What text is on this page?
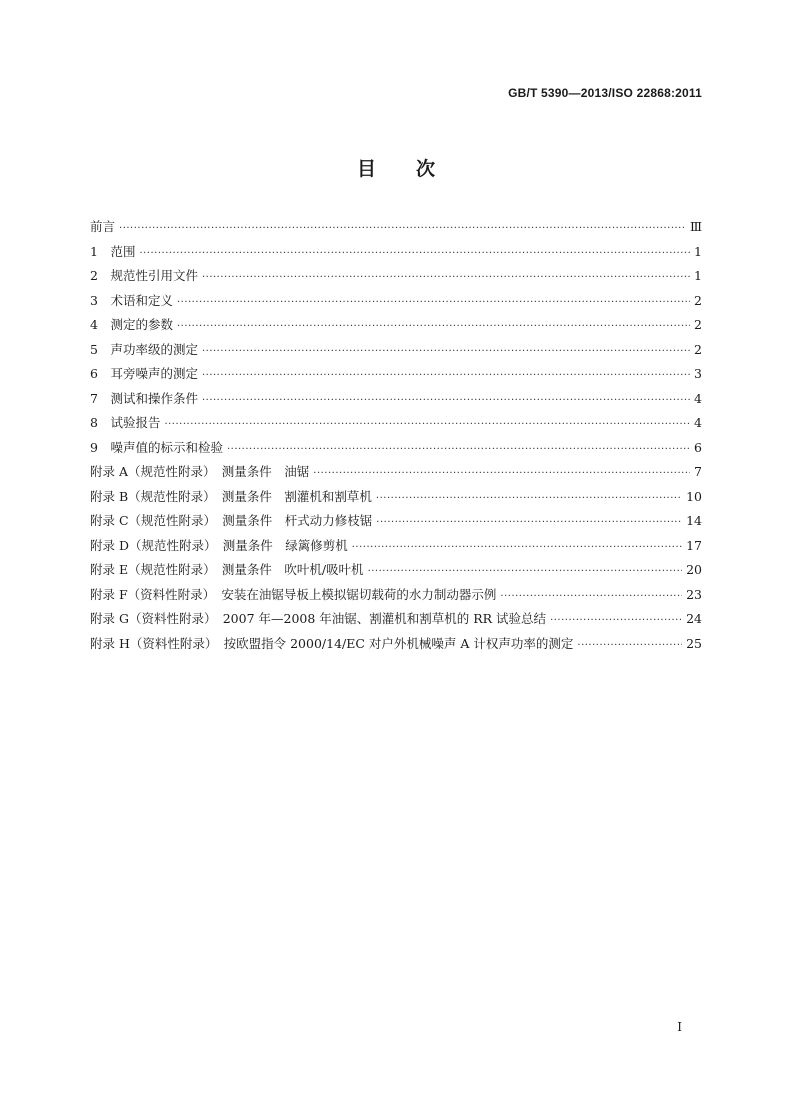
GB/T 5390—2013/ISO 22868:2011
目 次
前言 ·····	Ⅲ
1　范围 ·····	1
2　规范性引用文件 ·····	1
3　术语和定义 ·····	2
4　测定的参数 ·····	2
5　声功率级的测定 ·····	2
6　耳旁噪声的测定 ·····	3
7　测试和操作条件 ·····	4
8　试验报告 ·····	4
9　噪声值的标示和检验 ·····	6
附录 A（规范性附录）　测量条件　油锯 ·····	7
附录 B（规范性附录）　测量条件　割灌机和割草机 ·····	10
附录 C（规范性附录）　测量条件　杆式动力修枝锯 ·····	14
附录 D（规范性附录）　测量条件　绿篱修剪机 ·····	17
附录 E（规范性附录）　测量条件　吹叶机/吸叶机 ·····	20
附录 F（资料性附录）　安装在油锯导板上模拟锯切载荷的水力制动器示例 ·····	23
附录 G（资料性附录）　2007 年—2008 年油锯、割灌机和割草机的 RR 试验总结 ·····	24
附录 H（资料性附录）　按欧盟指令 2000/14/EC 对户外机械噪声 A 计权声功率的测定 ·····	25
I
